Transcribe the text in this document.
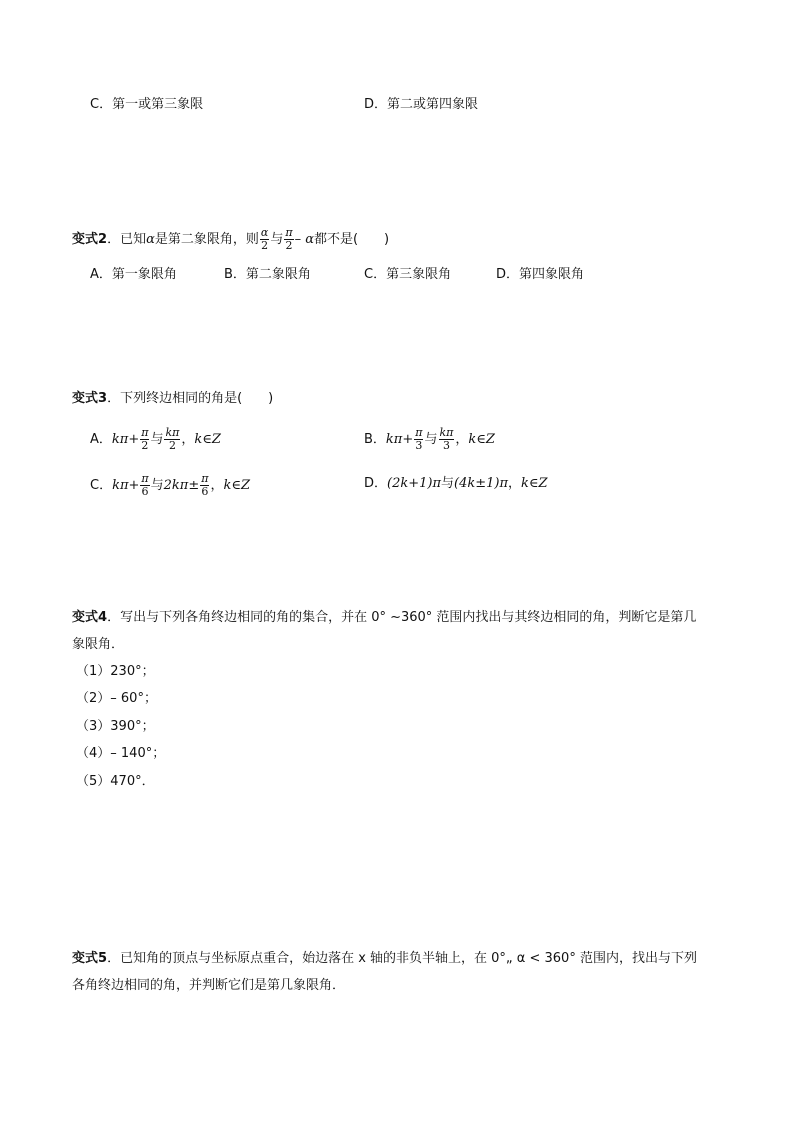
C．第一或第三象限	D．第二或第四象限
变式2．已知α是第二象限角，则 $\frac{\alpha}{2}$ 与 $\frac{\pi}{2}$ – α都不是(　　)
A．第一象限角	B．第二象限角	C．第三象限角	D．第四象限角
变式3．下列终边相同的角是(　　)
A．$k\pi+ \frac{\pi}{2}$ 与 $\frac{k\pi}{2}$ ，k∈Z	B．$k\pi+ \frac{\pi}{3}$ 与 $\frac{k\pi}{3}$ ，k∈Z
C．$k\pi+ \frac{\pi}{6}$ 与$2k\pi\pm \frac{\pi}{6}$ ，k∈Z	D．(2k+1)π与(4k±1)π，k∈Z
变式4．写出与下列各角终边相同的角的集合，并在 0° ~360° 范围内找出与其终边相同的角，判断它是第几
象限角．
（1）230°；
（2）– 60°；
（3）390°；
（4）– 140°；
（5）470°．
变式5．已知角的顶点与坐标原点重合，始边落在 x 轴的非负半轴上，在 0°„ α < 360° 范围内，找出与下列
各角终边相同的角，并判断它们是第几象限角．
